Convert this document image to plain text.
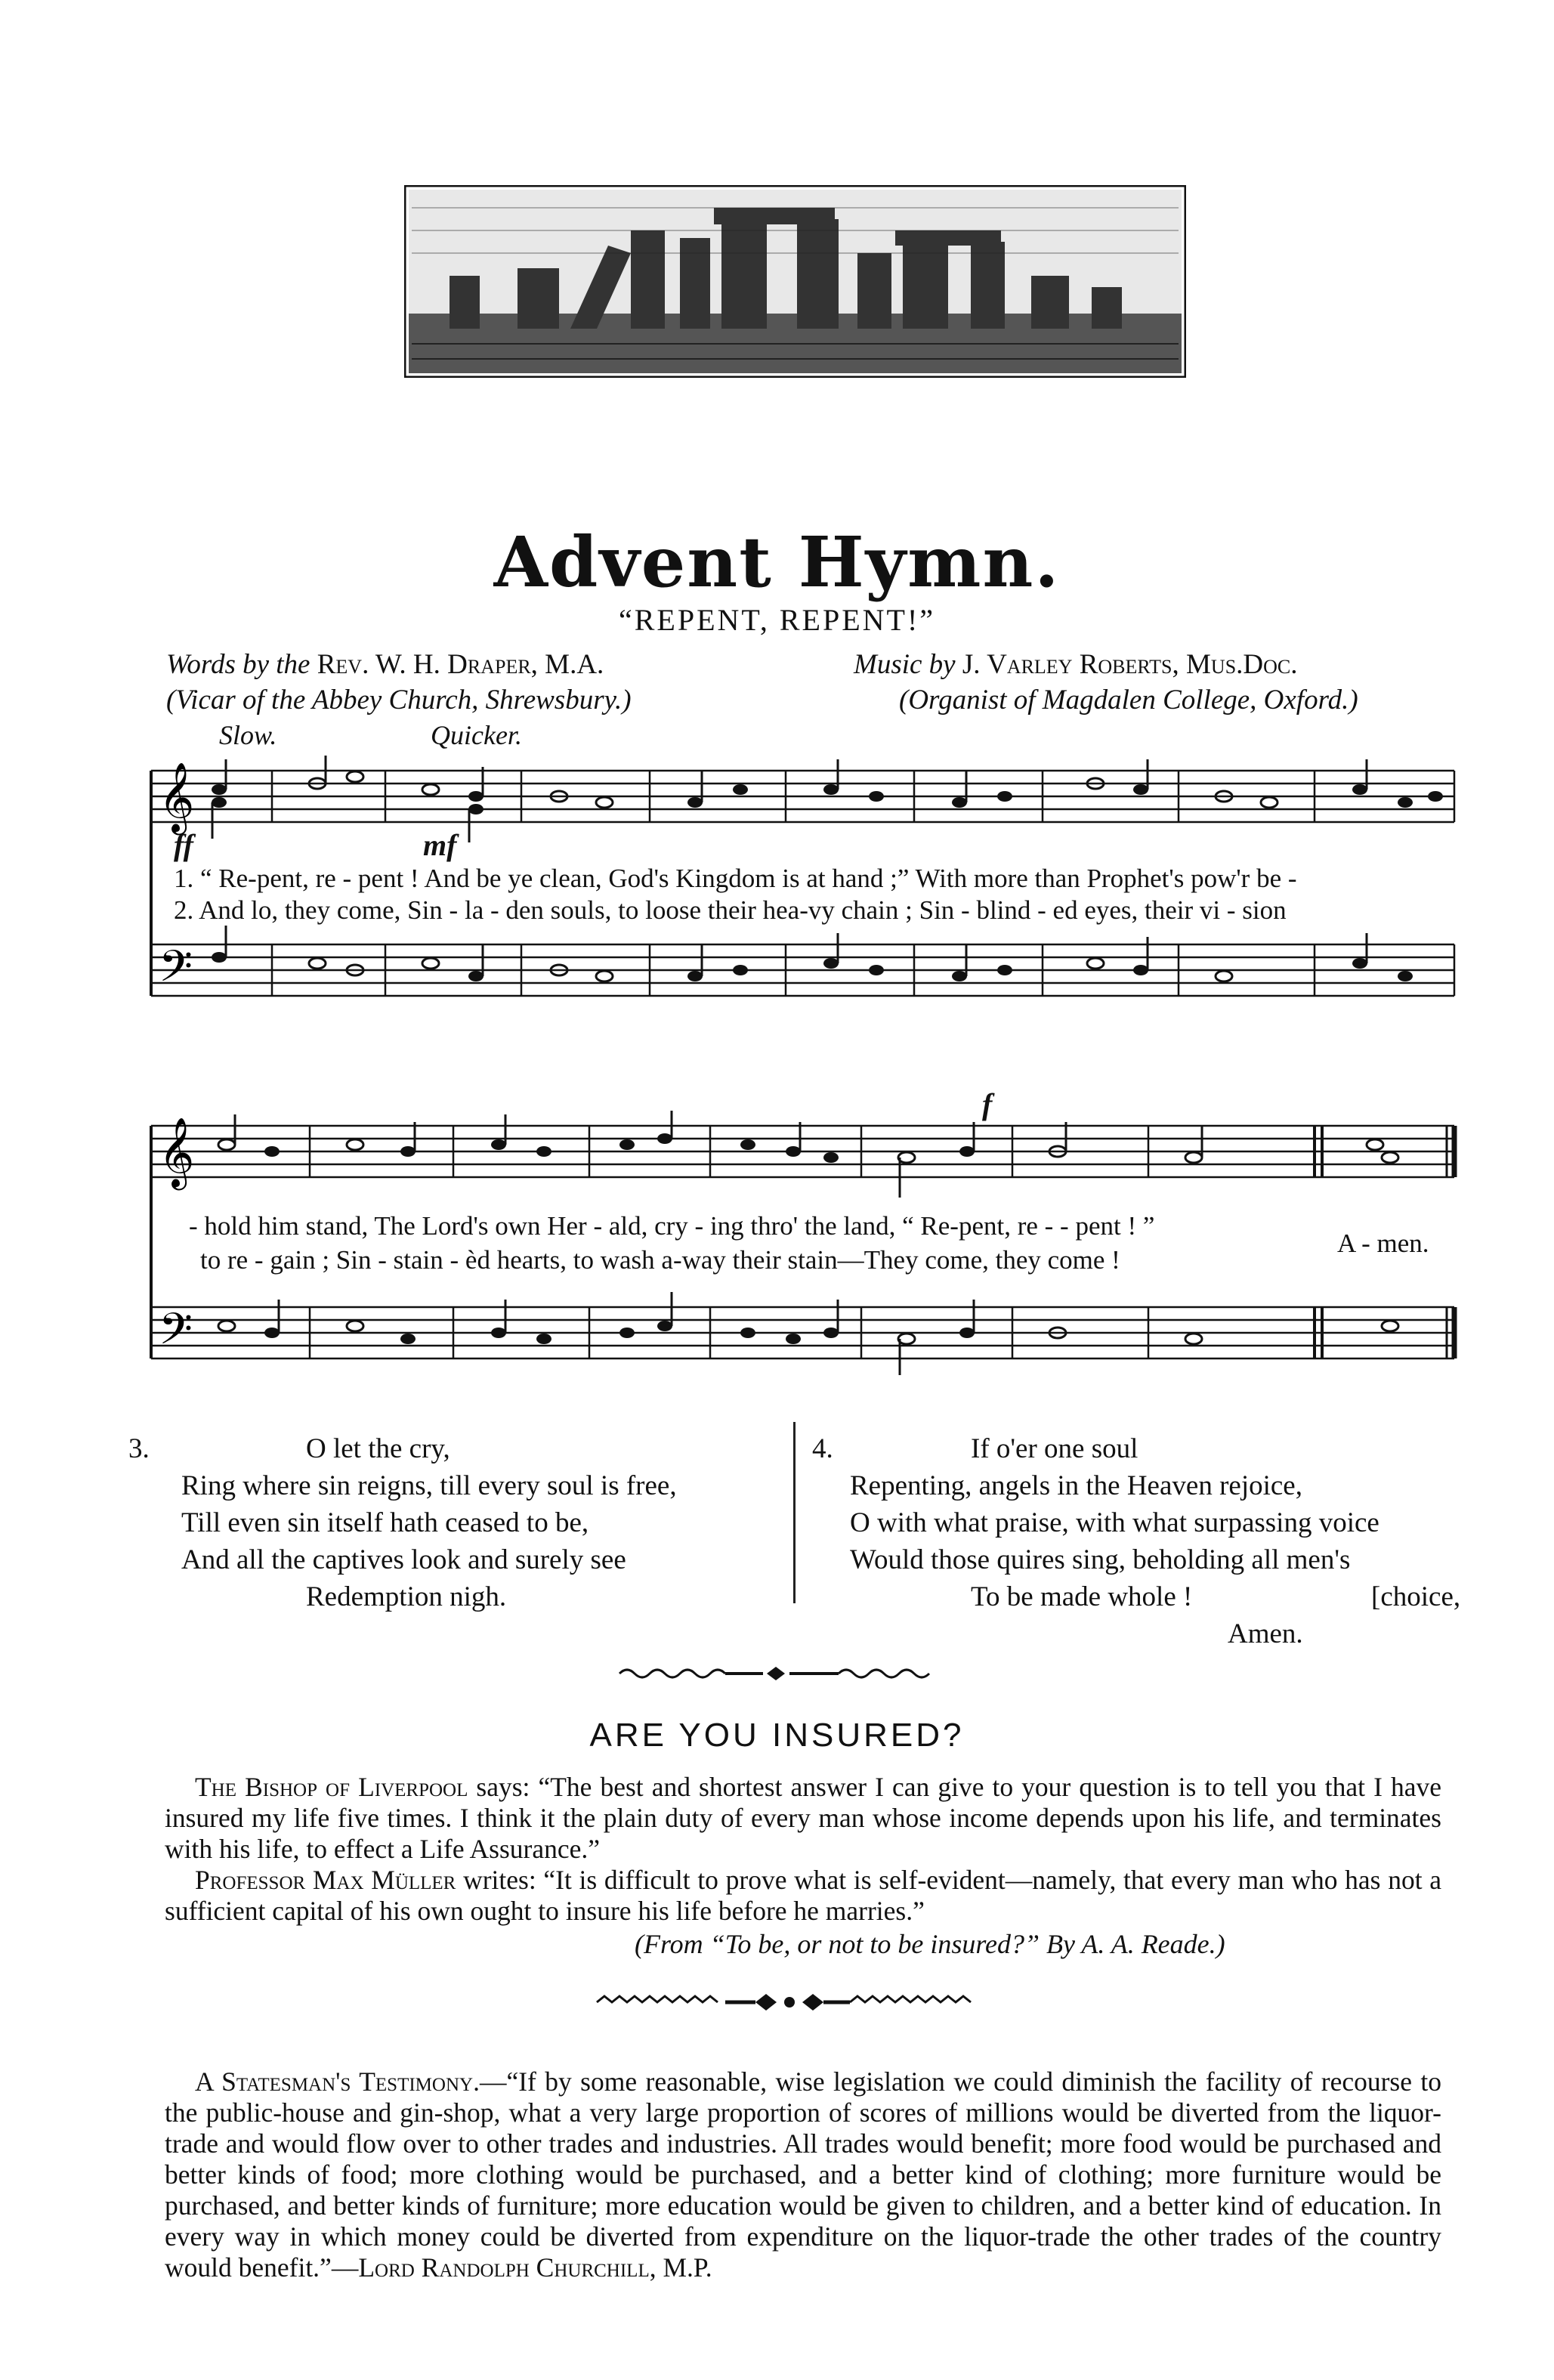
Advent Hymn.
“REPENT, REPENT!”
Words by the Rev. W. H. Draper, M.A.
(Vicar of the Abbey Church, Shrewsbury.)
Music by J. Varley Roberts, Mus.Doc.
(Organist of Magdalen College, Oxford.)
Slow.	Quicker.
𝄞
𝄢
ff	mf
1. “ Re-pent, re - pent ! And be ye clean, God's Kingdom is at hand ;” With more than Prophet's pow'r be -
2. And lo, they come, Sin - la - den souls, to loose their hea-vy chain ; Sin - blind - ed eyes, their vi - sion
𝄞
𝄢
f
- hold him stand, The Lord's own Her - ald, cry - ing thro' the land, “ Re-pent, re - - pent ! ”
to re - gain ; Sin - stain - èd hearts, to wash a-way their stain—They come, they come !
A - men.
3.	O let the cry,
Ring where sin reigns, till every soul is free,
Till even sin itself hath ceased to be,
And all the captives look and surely see
Redemption nigh.
4.	If o'er one soul
Repenting, angels in the Heaven rejoice,
O with what praise, with what surpassing voice
Would those quires sing, beholding all men's
To be made whole !	[choice,
Amen.
ARE YOU INSURED?
The Bishop of Liverpool says: “The best and shortest answer I can give to your question is to tell you that I have insured my life five times. I think it the plain duty of every man whose income depends upon his life, and terminates with his life, to effect a Life Assurance.”
Professor Max Müller writes: “It is difficult to prove what is self-evident—namely, that every man who has not a sufficient capital of his own ought to insure his life before he marries.”
(From “To be, or not to be insured?” By A. A. Reade.)
A Statesman's Testimony.—“If by some reasonable, wise legislation we could diminish the facility of recourse to the public-house and gin-shop, what a very large proportion of scores of millions would be diverted from the liquor-trade and would flow over to other trades and industries. All trades would benefit; more food would be purchased and better kinds of food; more clothing would be purchased, and a better kind of clothing; more furniture would be purchased, and better kinds of furniture; more education would be given to children, and a better kind of education. In every way in which money could be diverted from expenditure on the liquor-trade the other trades of the country would benefit.”—Lord Randolph Churchill, M.P.
